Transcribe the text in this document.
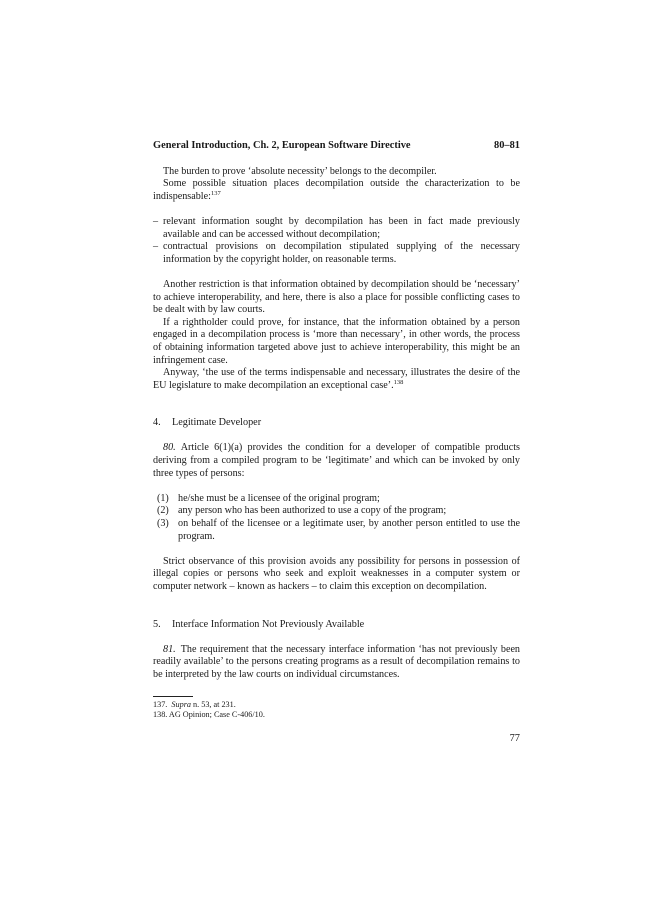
General Introduction, Ch. 2, European Software Directive	80–81

The burden to prove ‘absolute necessity’ belongs to the decompiler.

Some possible situation places decompilation outside the characterization to be indispensable:$^{137}$

– relevant information sought by decompilation has been in fact made previously available and can be accessed without decompilation;
– contractual provisions on decompilation stipulated supplying of the necessary information by the copyright holder, on reasonable terms.

Another restriction is that information obtained by decompilation should be ‘necessary’ to achieve interoperability, and here, there is also a place for possible conflicting cases to be dealt with by law courts.

If a rightholder could prove, for instance, that the information obtained by a person engaged in a decompilation process is ‘more than necessary’, in other words, the process of obtaining information targeted above just to achieve interoperability, this might be an infringement case.

Anyway, ‘the use of the terms indispensable and necessary, illustrates the desire of the EU legislature to make decompilation an exceptional case’.$^{138}$

4. Legitimate Developer

80.  Article 6(1)(a) provides the condition for a developer of compatible products deriving from a compiled program to be ‘legitimate’ and which can be invoked by only three types of persons:

(1) he/she must be a licensee of the original program;
(2) any person who has been authorized to use a copy of the program;
(3) on behalf of the licensee or a legitimate user, by another person entitled to use the program.

Strict observance of this provision avoids any possibility for persons in possession of illegal copies or persons who seek and exploit weaknesses in a computer system or computer network – known as hackers – to claim this exception on decompilation.

5. Interface Information Not Previously Available

81.  The requirement that the necessary interface information ‘has not previously been readily available’ to the persons creating programs as a result of decompilation remains to be interpreted by the law courts on individual circumstances.

137.  Supra n. 53, at 231.
138. AG Opinion; Case C-406/10.
77
